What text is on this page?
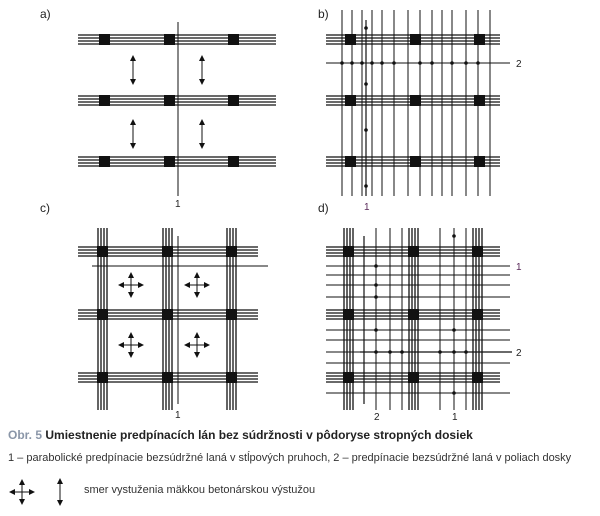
a)
1
b)
2
1
c)
1
d)
1
2
2	1
Obr. 5 Umiestnenie predpínacích lán bez súdržnosti v pôdoryse stropných dosiek
1 – parabolické predpínacie bezsúdržné laná v stĺpových pruhoch, 2 – predpínacie bezsúdržné laná v poliach dosky
smer vystuženia mäkkou betonárskou výstužou
